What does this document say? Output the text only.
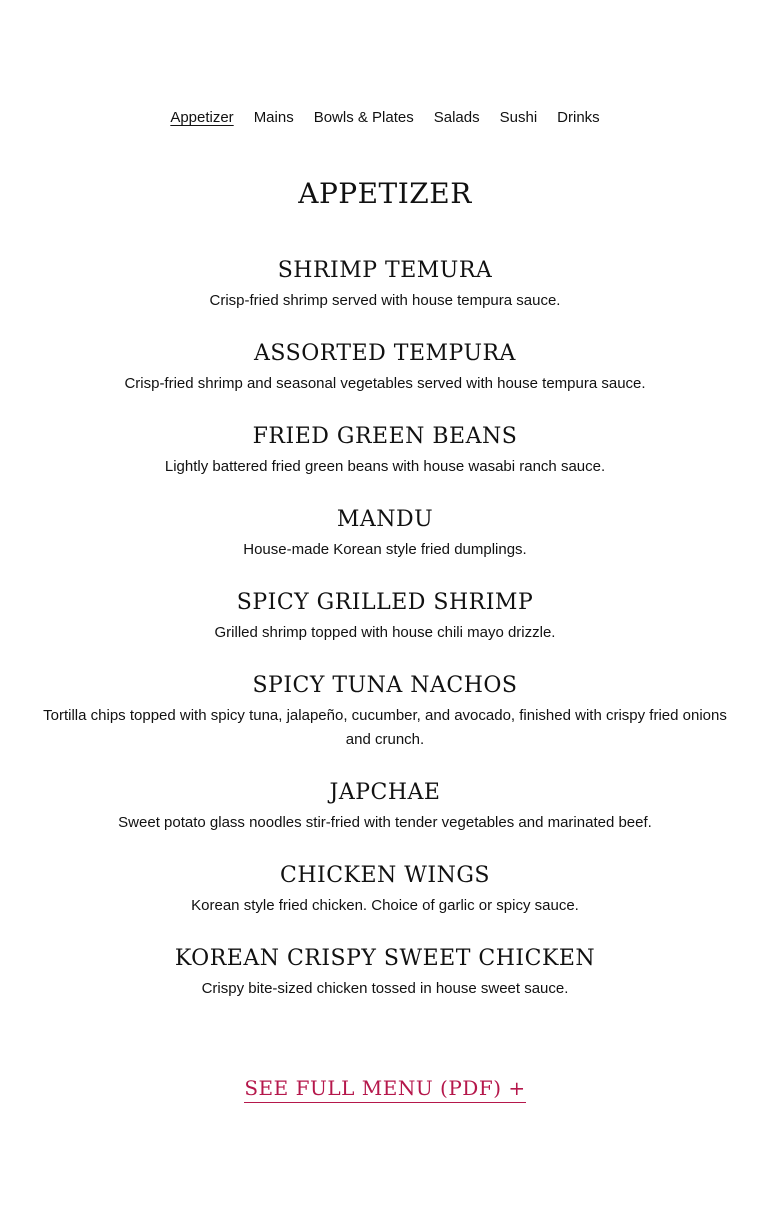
Appetizer Mains Bowls & Plates Salads Sushi Drinks
APPETIZER
SHRIMP TEMURA

Crisp-fried shrimp served with house tempura sauce.

ASSORTED TEMPURA

Crisp-fried shrimp and seasonal vegetables served with house tempura sauce.

FRIED GREEN BEANS

Lightly battered fried green beans with house wasabi ranch sauce.

MANDU

House-made Korean style fried dumplings.

SPICY GRILLED SHRIMP

Grilled shrimp topped with house chili mayo drizzle.

SPICY TUNA NACHOS

Tortilla chips topped with spicy tuna, jalapeño, cucumber, and avocado, finished with crispy fried onions and crunch.

JAPCHAE

Sweet potato glass noodles stir-fried with tender vegetables and marinated beef.

CHICKEN WINGS

Korean style fried chicken. Choice of garlic or spicy sauce.

KOREAN CRISPY SWEET CHICKEN

Crispy bite-sized chicken tossed in house sweet sauce.

SEE FULL MENU (PDF) +
